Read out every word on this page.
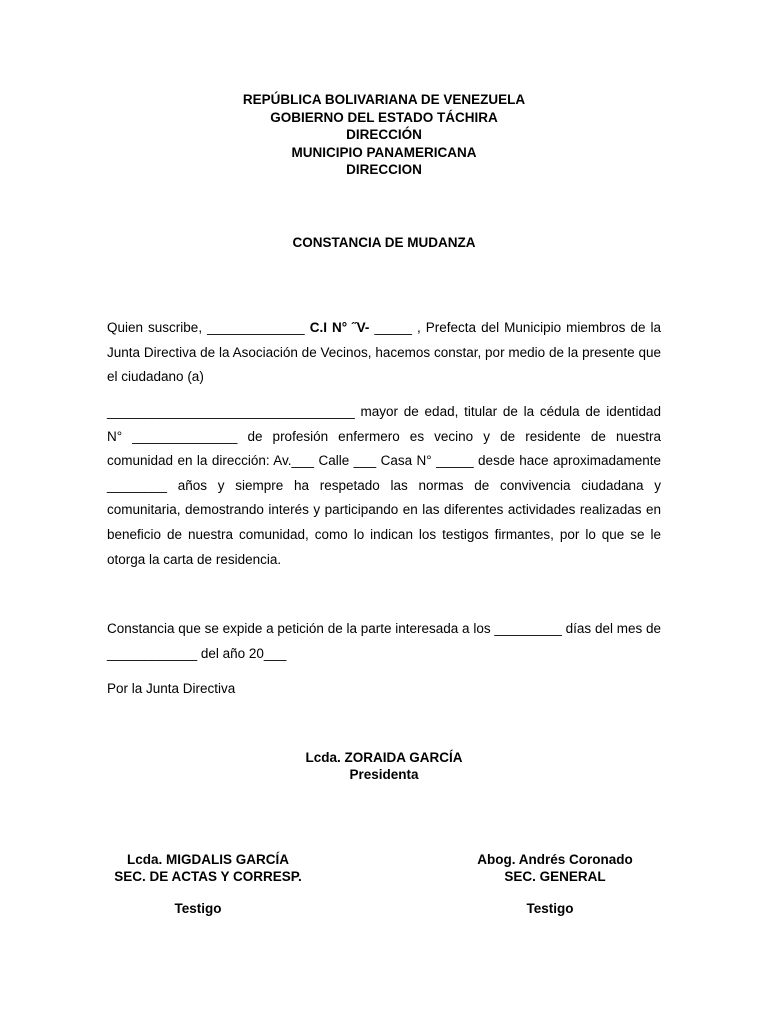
REPÚBLICA BOLIVARIANA DE VENEZUELA
GOBIERNO DEL ESTADO TÁCHIRA
DIRECCIÓN
MUNICIPIO PANAMERICANA
DIRECCION
CONSTANCIA DE MUDANZA
Quien suscribe, _____________ C.I N° ˝V- _____ , Prefecta del Municipio miembros de la Junta Directiva de la Asociación de Vecinos, hacemos constar, por medio de la presente que el ciudadano (a)
_________________________________ mayor de edad, titular de la cédula de identidad N° ______________ de profesión enfermero es vecino y de residente de nuestra comunidad en la dirección: Av.___ Calle ___ Casa N° _____ desde hace aproximadamente ________ años y siempre ha respetado las normas de convivencia ciudadana y comunitaria, demostrando interés y participando en las diferentes actividades realizadas en beneficio de nuestra comunidad, como lo indican los testigos firmantes, por lo que se le otorga la carta de residencia.
Constancia que se expide a petición de la parte interesada a los _________ días del mes de ____________ del año 20___
Por la Junta Directiva
Lcda. ZORAIDA GARCÍA
Presidenta
Lcda. MIGDALIS GARCÍA
SEC. DE ACTAS Y CORRESP.
Abog. Andrés Coronado
SEC. GENERAL
Testigo	Testigo
